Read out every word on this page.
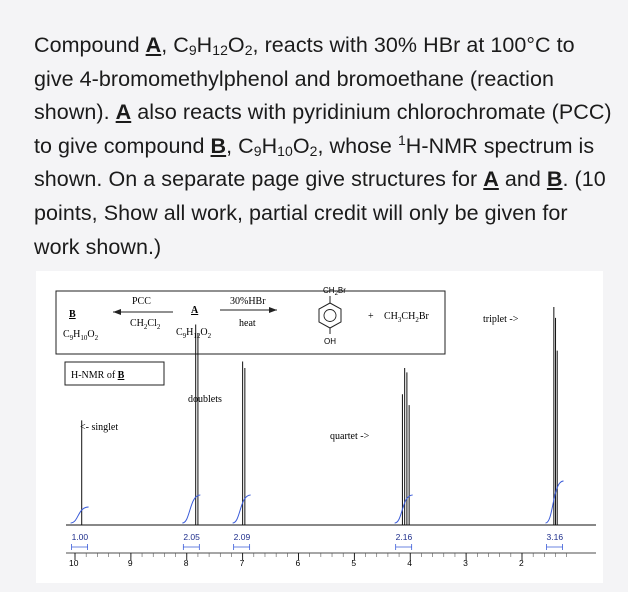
Compound A, $C_9H_{12}O_2$, reacts with 30% HBr at 100°C to give 4-bromomethylphenol and bromoethane (reaction shown). A also reacts with pyridinium chlorochromate (PCC) to give compound B, $C_9H_{10}O_2$, whose $^1$H-NMR spectrum is shown. On a separate page give structures for A and B. (10 points, Show all work, partial credit will only be given for work shown.)
B
$C_9H_{10}O_2$
PCC
$CH_2Cl_2$
A
$C_9H_{12}O_2$
30%HBr
heat
$CH_2Br$
OH
+ $CH_3CH_2Br$	triplet ->
H-NMR of B
<- singlet
doublets
quartet ->
1.00	2.05	2.09	2.16	3.16
10	9	8	7	6	5	4	3	2
